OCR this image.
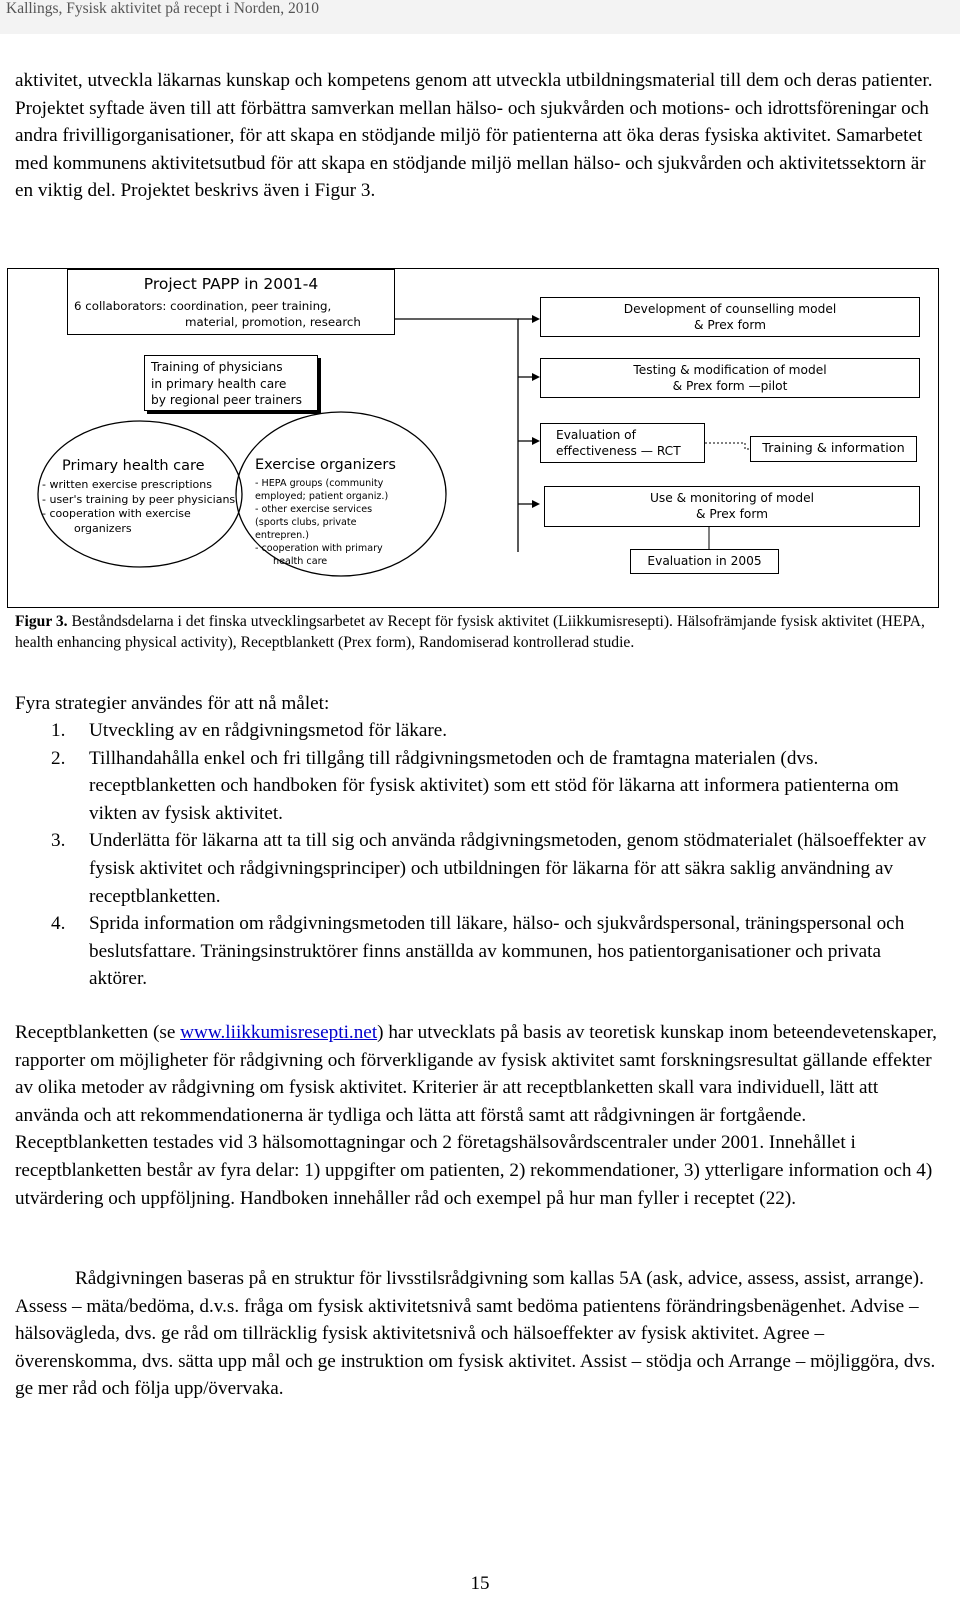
Kallings, Fysisk aktivitet på recept i Norden, 2010
aktivitet, utveckla läkarnas kunskap och kompetens genom att utveckla utbildningsmaterial till dem och deras patienter. Projektet syftade även till att förbättra samverkan mellan hälso- och sjukvården och motions- och idrottsföreningar och andra frivilligorganisationer, för att skapa en stödjande miljö för patienterna att öka deras fysiska aktivitet. Samarbetet med kommunens aktivitetsutbud för att skapa en stödjande miljö mellan hälso- och sjukvården och aktivitetssektorn är en viktig del. Projektet beskrivs även i Figur 3.
Project PAPP in 2001-4
6 collaborators: coordination, peer training,
material, promotion, research
Training of physicians
in primary health care
by regional peer trainers
Primary health care
- written exercise prescriptions
- user's training by peer physicians
- cooperation with exercise
organizers
Exercise organizers
- HEPA groups (community
employed; patient organiz.)
- other exercise services
(sports clubs, private
entrepren.)
- cooperation with primary
health care
Development of counselling model
& Prex form
Testing & modification of model
& Prex form —pilot
Evaluation of
effectiveness — RCT	Training & information
Use & monitoring of model
& Prex form
Evaluation in 2005
Figur 3. Beståndsdelarna i det finska utvecklingsarbetet av Recept för fysisk aktivitet (Liikkumisresepti). Hälsofrämjande fysisk aktivitet (HEPA, health enhancing physical activity), Receptblankett (Prex form), Randomiserad kontrollerad studie.
Fyra strategier användes för att nå målet:
1. Utveckling av en rådgivningsmetod för läkare.
2. Tillhandahålla enkel och fri tillgång till rådgivningsmetoden och de framtagna materialen (dvs. receptblanketten och handboken för fysisk aktivitet) som ett stöd för läkarna att informera patienterna om vikten av fysisk aktivitet.
3. Underlätta för läkarna att ta till sig och använda rådgivningsmetoden, genom stödmaterialet (hälsoeffekter av fysisk aktivitet och rådgivningsprinciper) och utbildningen för läkarna för att säkra saklig användning av receptblanketten.
4. Sprida information om rådgivningsmetoden till läkare, hälso- och sjukvårdspersonal, träningspersonal och beslutsfattare. Träningsinstruktörer finns anställda av kommunen, hos patientorganisationer och privata aktörer.
Receptblanketten (se www.liikkumisresepti.net) har utvecklats på basis av teoretisk kunskap inom beteendevetenskaper, rapporter om möjligheter för rådgivning och förverkligande av fysisk aktivitet samt forskningsresultat gällande effekter av olika metoder av rådgivning om fysisk aktivitet. Kriterier är att receptblanketten skall vara individuell, lätt att använda och att rekommendationerna är tydliga och lätta att förstå samt att rådgivningen är fortgående. Receptblanketten testades vid 3 hälsomottagningar och 2 företagshälsovårdscentraler under 2001. Innehållet i receptblanketten består av fyra delar: 1) uppgifter om patienten, 2) rekommendationer, 3) ytterligare information och 4) utvärdering och uppföljning. Handboken innehåller råd och exempel på hur man fyller i receptet (22).
Rådgivningen baseras på en struktur för livsstilsrådgivning som kallas 5A (ask, advice, assess, assist, arrange). Assess – mäta/bedöma, d.v.s. fråga om fysisk aktivitetsnivå samt bedöma patientens förändringsbenägenhet. Advise – hälsovägleda, dvs. ge råd om tillräcklig fysisk aktivitetsnivå och hälsoeffekter av fysisk aktivitet. Agree – överenskomma, dvs. sätta upp mål och ge instruktion om fysisk aktivitet. Assist – stödja och Arrange – möjliggöra, dvs. ge mer råd och följa upp/övervaka.
15
